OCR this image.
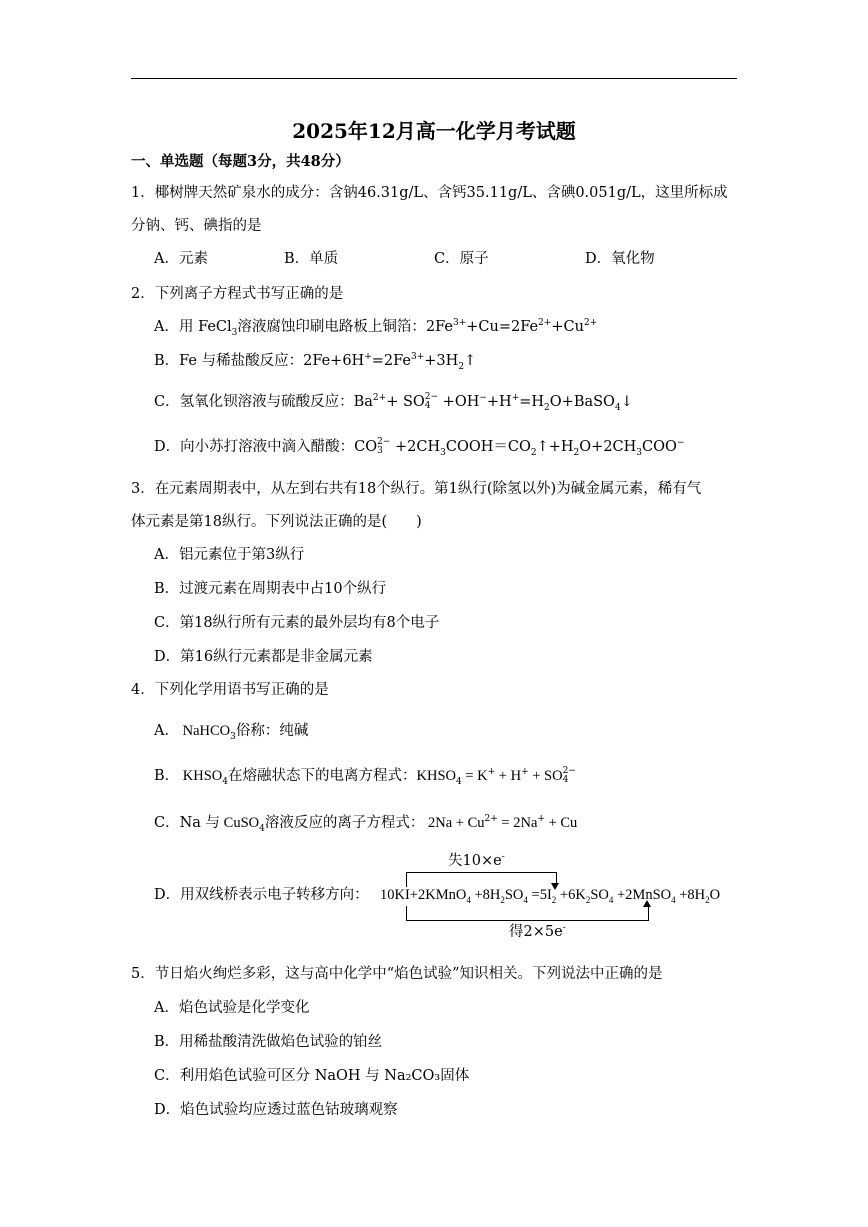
2025年12月高一化学月考试题
一、单选题（每题3分，共48分）
1．椰树牌天然矿泉水的成分：含钠46.31g/L、含钙35.11g/L、含碘0.051g/L，这里所标成
分钠、钙、碘指的是
A．元素	B．单质	C．原子	D．氧化物
2．下列离子方程式书写正确的是
A．用 FeCl$_3$溶液腐蚀印刷电路板上铜箔：$2Fe^{3+}+Cu=2Fe^{2+}+Cu^{2+}$
B．Fe 与稀盐酸反应：$2Fe+6H^+=2Fe^{3+}+3H_2↑$
C．氢氧化钡溶液与硫酸反应：$Ba^{2+}+ SO2-$
$4 +OH^-+H^+=H_2O+BaSO_4↓$
D．向小苏打溶液中滴入醋酸：CO2−
$3 +2CH_3COOH=CO_2↑+H_2O+2CH_3COO^-$
3．在元素周期表中，从左到右共有18个纵行。第1纵行(除氢以外)为碱金属元素，稀有气
体元素是第18纵行。下列说法正确的是(　　)
A．铝元素位于第3纵行
B．过渡元素在周期表中占10个纵行
C．第18纵行所有元素的最外层均有8个电子
D．第16纵行元素都是非金属元素
4．下列化学用语书写正确的是
A． NaHCO$_3$俗称：纯碱
B． $KHSO_4$在熔融状态下的电离方程式：$KHSO_4 = K^+ + H^+ + SO2-$
4
C．Na 与 CuSO$_4$溶液反应的离子方程式： $2Na + Cu^{2+} = 2Na^+ + Cu$
D．用双线桥表示电子转移方向： 10KI+2KMnO$_4$ $+8H_2SO_4 =5I_2 +6K_2SO_4$ +2MnSO$_4$ $+8H_2O$
失10×e-
得2×5e-
5．节日焰火绚烂多彩，这与高中化学中“焰色试验”知识相关。下列说法中正确的是
A．焰色试验是化学变化
B．用稀盐酸清洗做焰色试验的铂丝
C．利用焰色试验可区分 NaOH 与 Na₂CO₃固体
D．焰色试验均应透过蓝色钴玻璃观察
